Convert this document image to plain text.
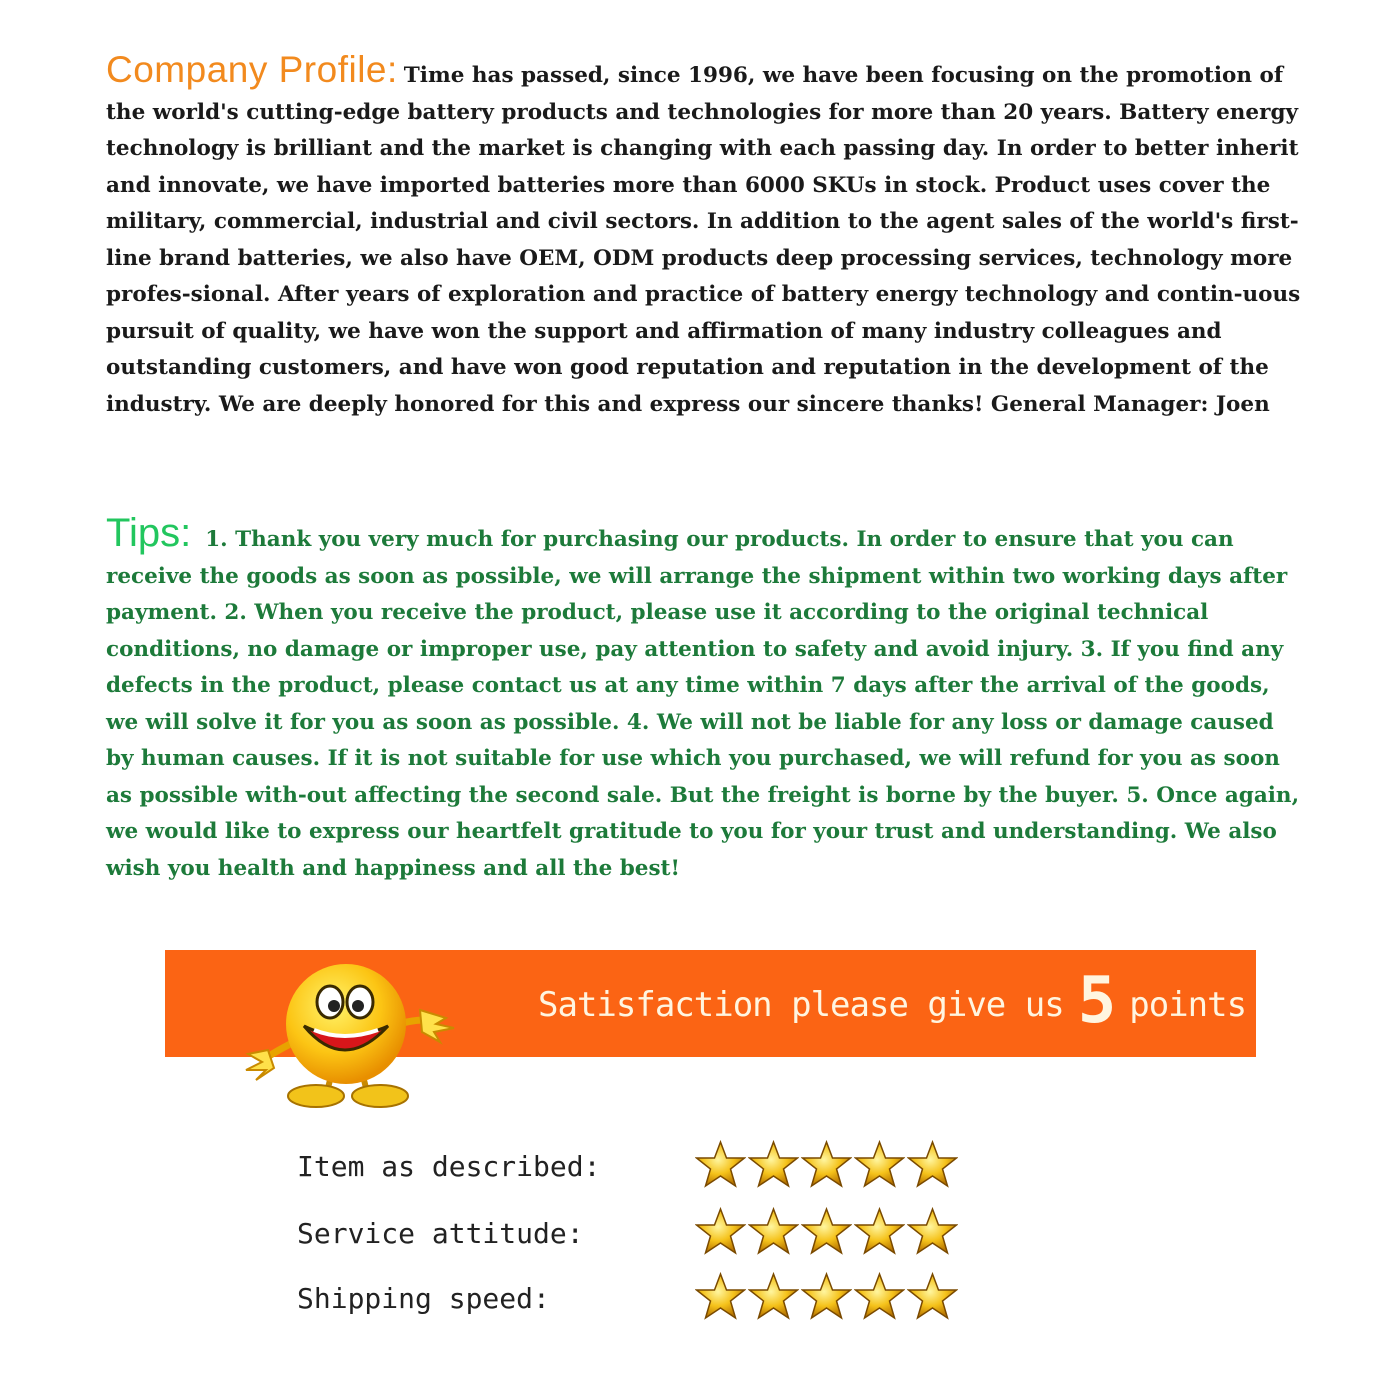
Company Profile: Time has passed, since 1996, we have been focusing on the promotion of the world's cutting-edge battery products and technologies for more than 20 years. Battery energy technology is brilliant and the market is changing with each passing day. In order to better inherit and innovate, we have imported batteries more than 6000 SKUs in stock. Product uses cover the military, commercial, industrial and civil sectors. In addition to the agent sales of the world's first-line brand batteries, we also have OEM, ODM products deep processing services, technology more profes-sional. After years of exploration and practice of battery energy technology and contin-uous pursuit of quality, we have won the support and affirmation of many industry colleagues and outstanding customers, and have won good reputation and reputation in the development of the industry. We are deeply honored for this and express our sincere thanks! General Manager: Joen

Tips: 1. Thank you very much for purchasing our products. In order to ensure that you can receive the goods as soon as possible, we will arrange the shipment within two working days after payment. 2. When you receive the product, please use it according to the original technical conditions, no damage or improper use, pay attention to safety and avoid injury. 3. If you find any defects in the product, please contact us at any time within 7 days after the arrival of the goods, we will solve it for you as soon as possible. 4. We will not be liable for any loss or damage caused by human causes. If it is not suitable for use which you purchased, we will refund for you as soon as possible with-out affecting the second sale. But the freight is borne by the buyer. 5. Once again, we would like to express our heartfelt gratitude to you for your trust and understanding. We also wish you health and happiness and all the best!

Satisfaction please give us 5 points
Item as described:
Service attitude:
Shipping speed:
